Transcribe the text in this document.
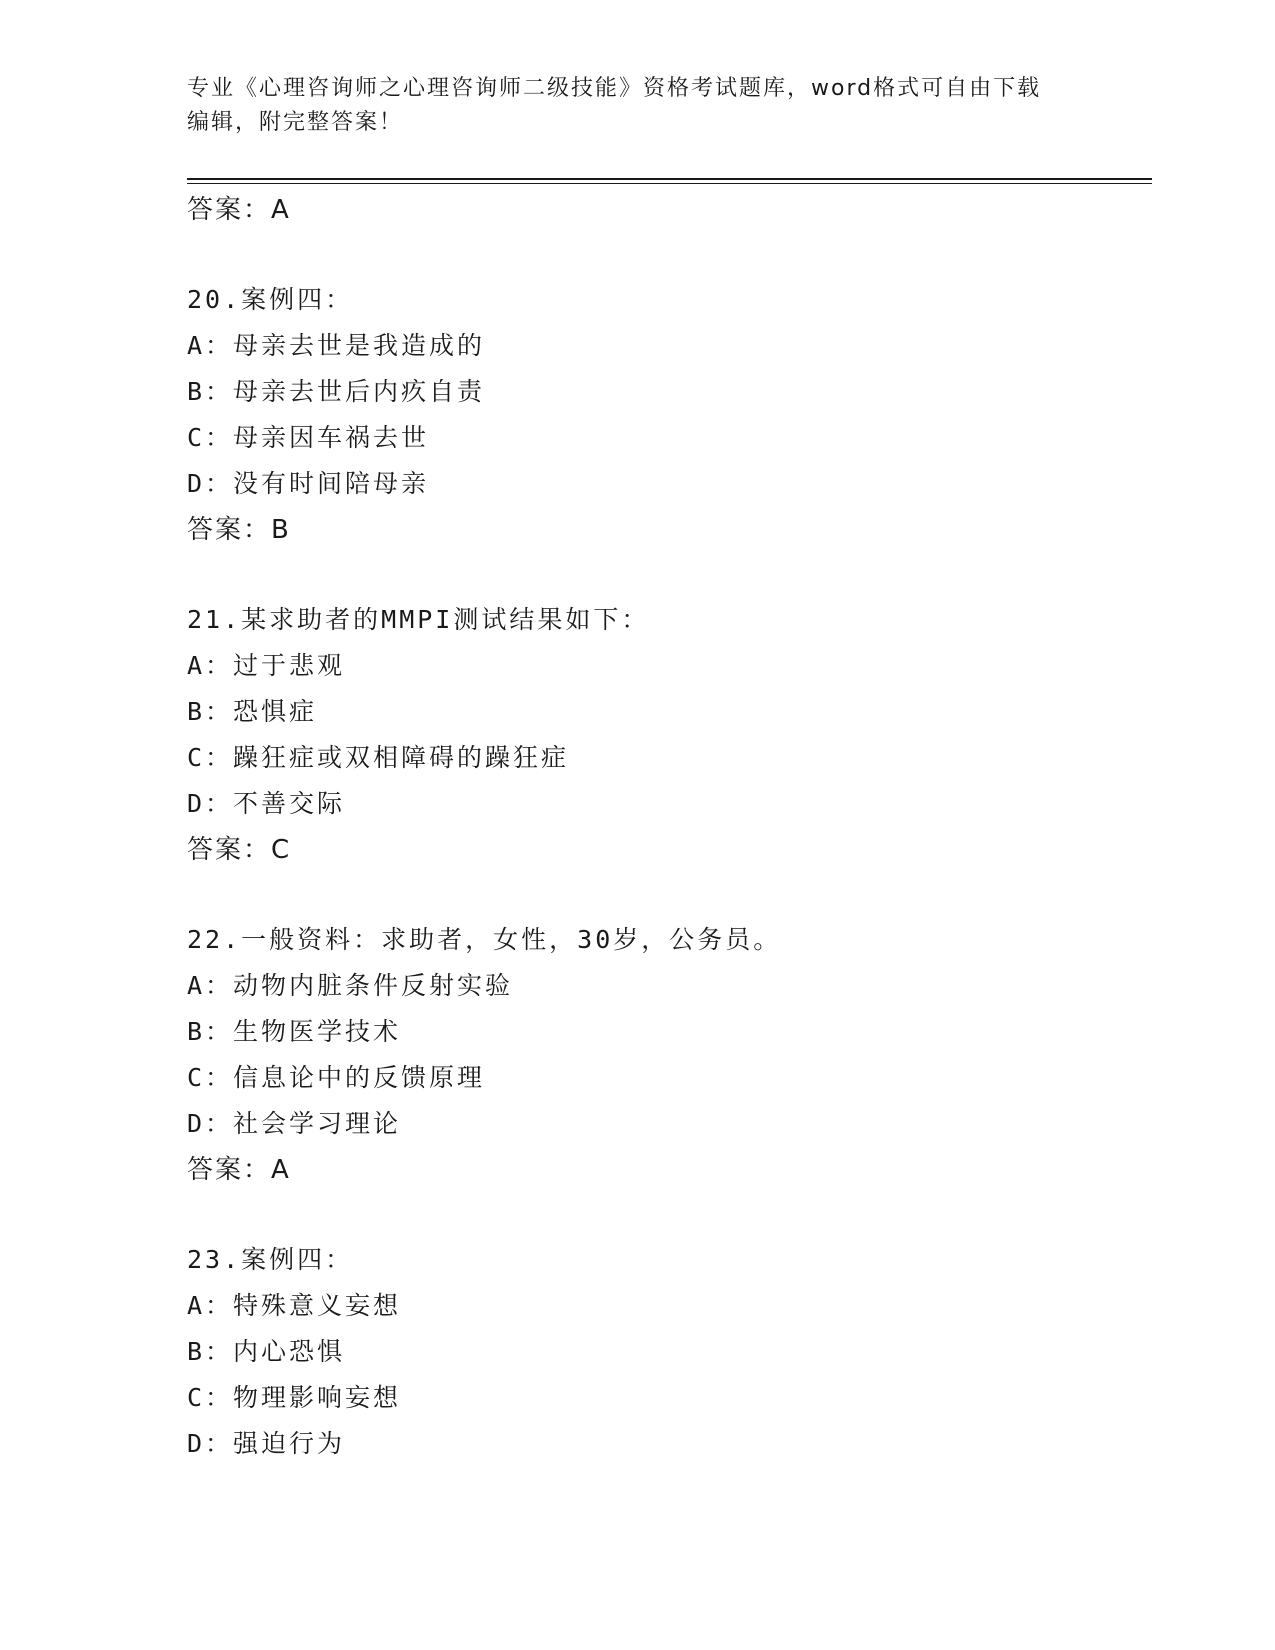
专业《心理咨询师之心理咨询师二级技能》资格考试题库，word格式可自由下载
编辑，附完整答案！
答案：A
20.案例四：
A：母亲去世是我造成的
B：母亲去世后内疚自责
C：母亲因车祸去世
D：没有时间陪母亲
答案：B
21.某求助者的MMPI测试结果如下：
A：过于悲观
B：恐惧症
C：躁狂症或双相障碍的躁狂症
D：不善交际
答案：C
22.一般资料：求助者，女性，30岁，公务员。
A：动物内脏条件反射实验
B：生物医学技术
C：信息论中的反馈原理
D：社会学习理论
答案：A
23.案例四：
A：特殊意义妄想
B：内心恐惧
C：物理影响妄想
D：强迫行为
